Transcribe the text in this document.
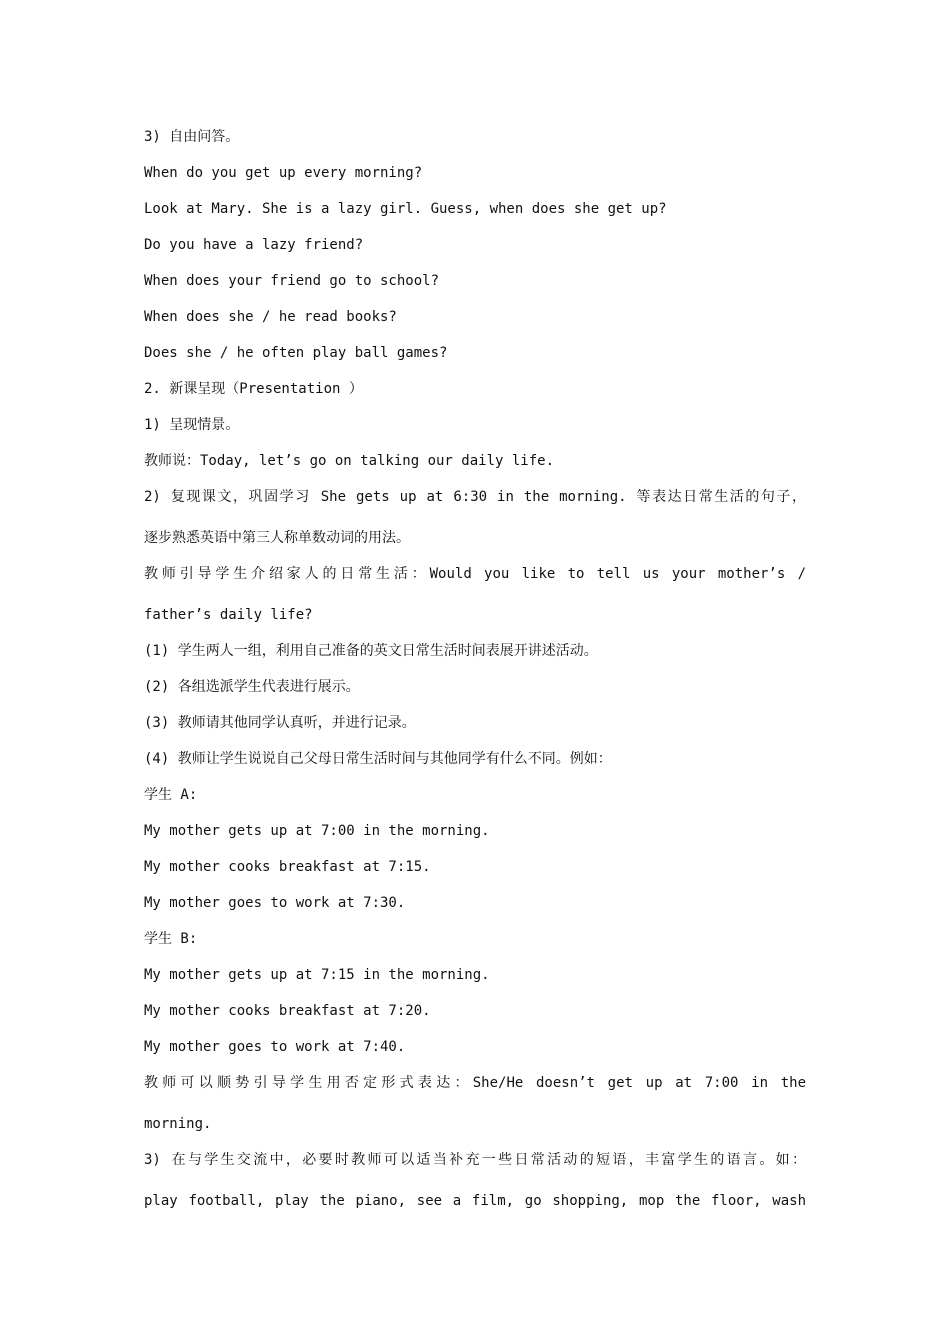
3) 自由问答。
When do you get up every morning?
Look at Mary. She is a lazy girl. Guess, when does she get up?
Do you have a lazy friend?
When does your friend go to school?
When does she / he read books?
Does she / he often play ball games?
2. 新课呈现（Presentation ）
1) 呈现情景。
教师说：Today, let’s go on talking our daily life.
2) 复现课文，巩固学习 She gets up at 6:30 in the morning. 等表达日常生活的句子，
逐步熟悉英语中第三人称单数动词的用法。
教师引导学生介绍家人的日常生活：Would you like to tell us your mother’s /
father’s daily life?
(1) 学生两人一组，利用自己准备的英文日常生活时间表展开讲述活动。
(2) 各组选派学生代表进行展示。
(3) 教师请其他同学认真听，并进行记录。
(4) 教师让学生说说自己父母日常生活时间与其他同学有什么不同。例如：
学生 A:
My mother gets up at 7:00 in the morning.
My mother cooks breakfast at 7:15.
My mother goes to work at 7:30.
学生 B:
My mother gets up at 7:15 in the morning.
My mother cooks breakfast at 7:20.
My mother goes to work at 7:40.
教师可以顺势引导学生用否定形式表达：She/He doesn’t get up at 7:00 in the
morning.
3) 在与学生交流中，必要时教师可以适当补充一些日常活动的短语，丰富学生的语言。如：
play football, play the piano, see a film, go shopping, mop the floor, wash
